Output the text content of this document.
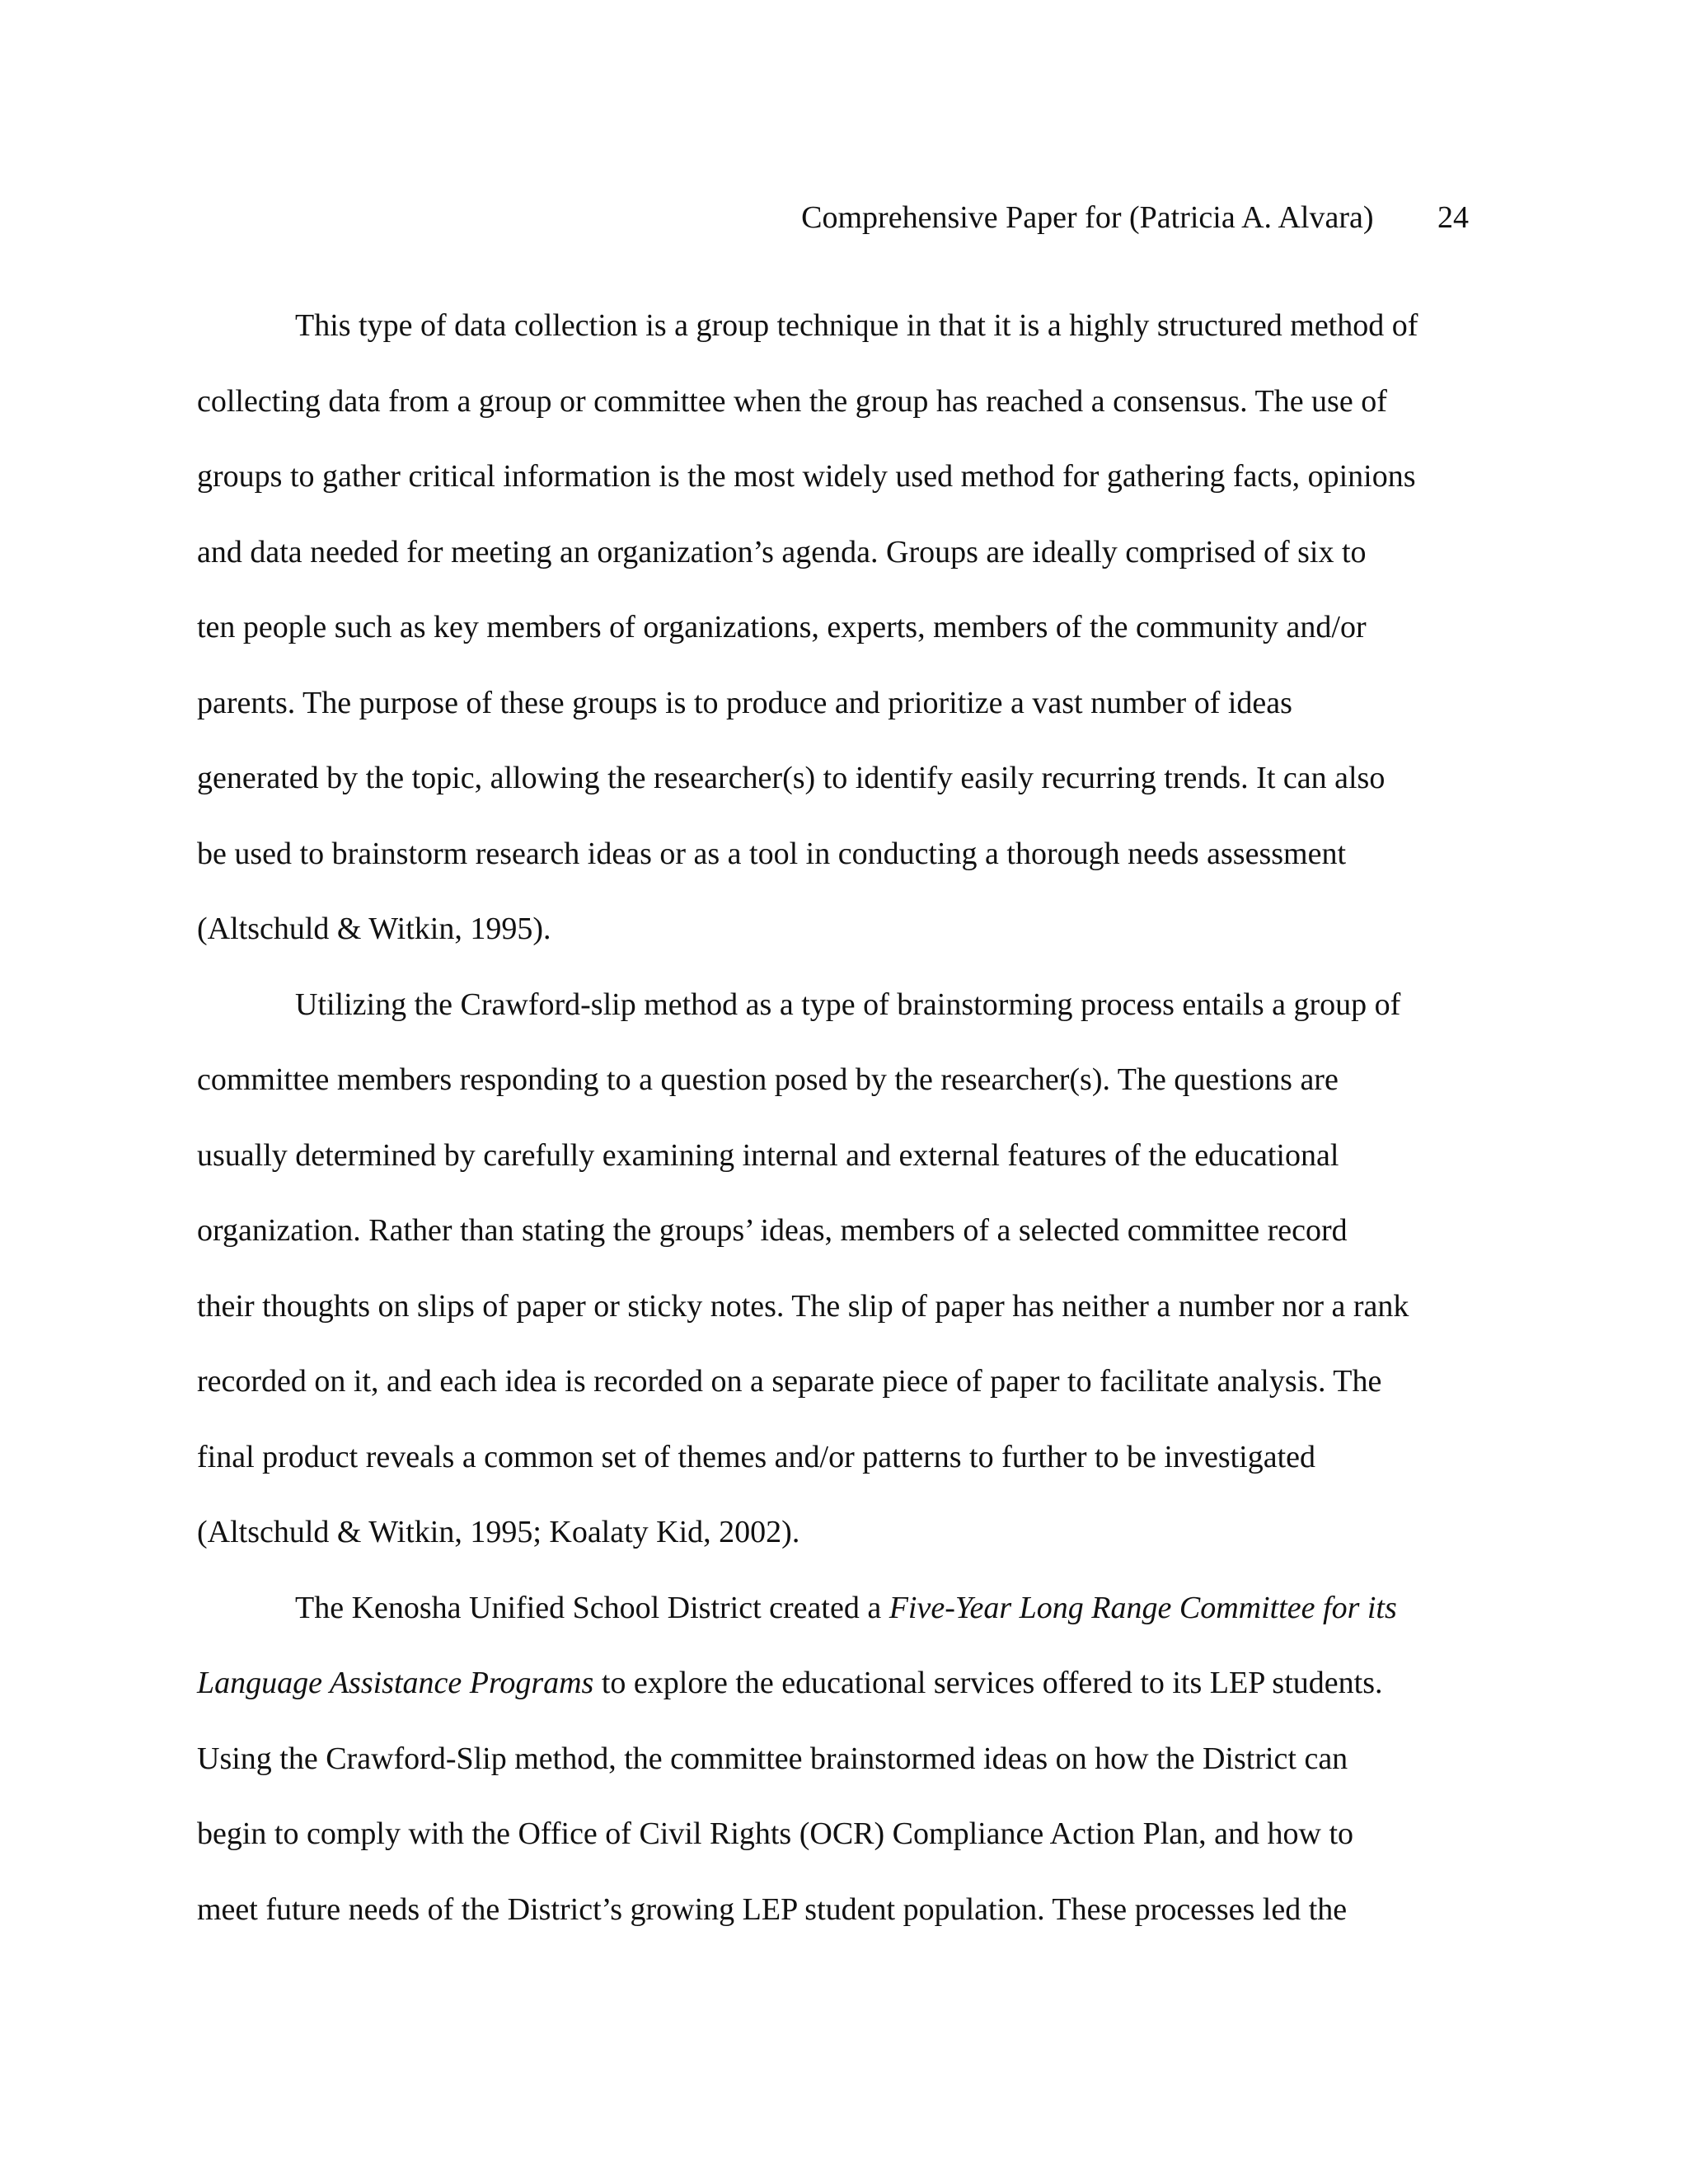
Comprehensive Paper for (Patricia A. Alvara) 24
This type of data collection is a group technique in that it is a highly structured method of
collecting data from a group or committee when the group has reached a consensus. The use of
groups to gather critical information is the most widely used method for gathering facts, opinions
and data needed for meeting an organization’s agenda. Groups are ideally comprised of six to
ten people such as key members of organizations, experts, members of the community and/or
parents. The purpose of these groups is to produce and prioritize a vast number of ideas
generated by the topic, allowing the researcher(s) to identify easily recurring trends. It can also
be used to brainstorm research ideas or as a tool in conducting a thorough needs assessment
(Altschuld & Witkin, 1995).
Utilizing the Crawford-slip method as a type of brainstorming process entails a group of
committee members responding to a question posed by the researcher(s). The questions are
usually determined by carefully examining internal and external features of the educational
organization. Rather than stating the groups’ ideas, members of a selected committee record
their thoughts on slips of paper or sticky notes. The slip of paper has neither a number nor a rank
recorded on it, and each idea is recorded on a separate piece of paper to facilitate analysis. The
final product reveals a common set of themes and/or patterns to further to be investigated
(Altschuld & Witkin, 1995; Koalaty Kid, 2002).
The Kenosha Unified School District created a Five-Year Long Range Committee for its
Language Assistance Programs to explore the educational services offered to its LEP students.
Using the Crawford-Slip method, the committee brainstormed ideas on how the District can
begin to comply with the Office of Civil Rights (OCR) Compliance Action Plan, and how to
meet future needs of the District’s growing LEP student population. These processes led the
